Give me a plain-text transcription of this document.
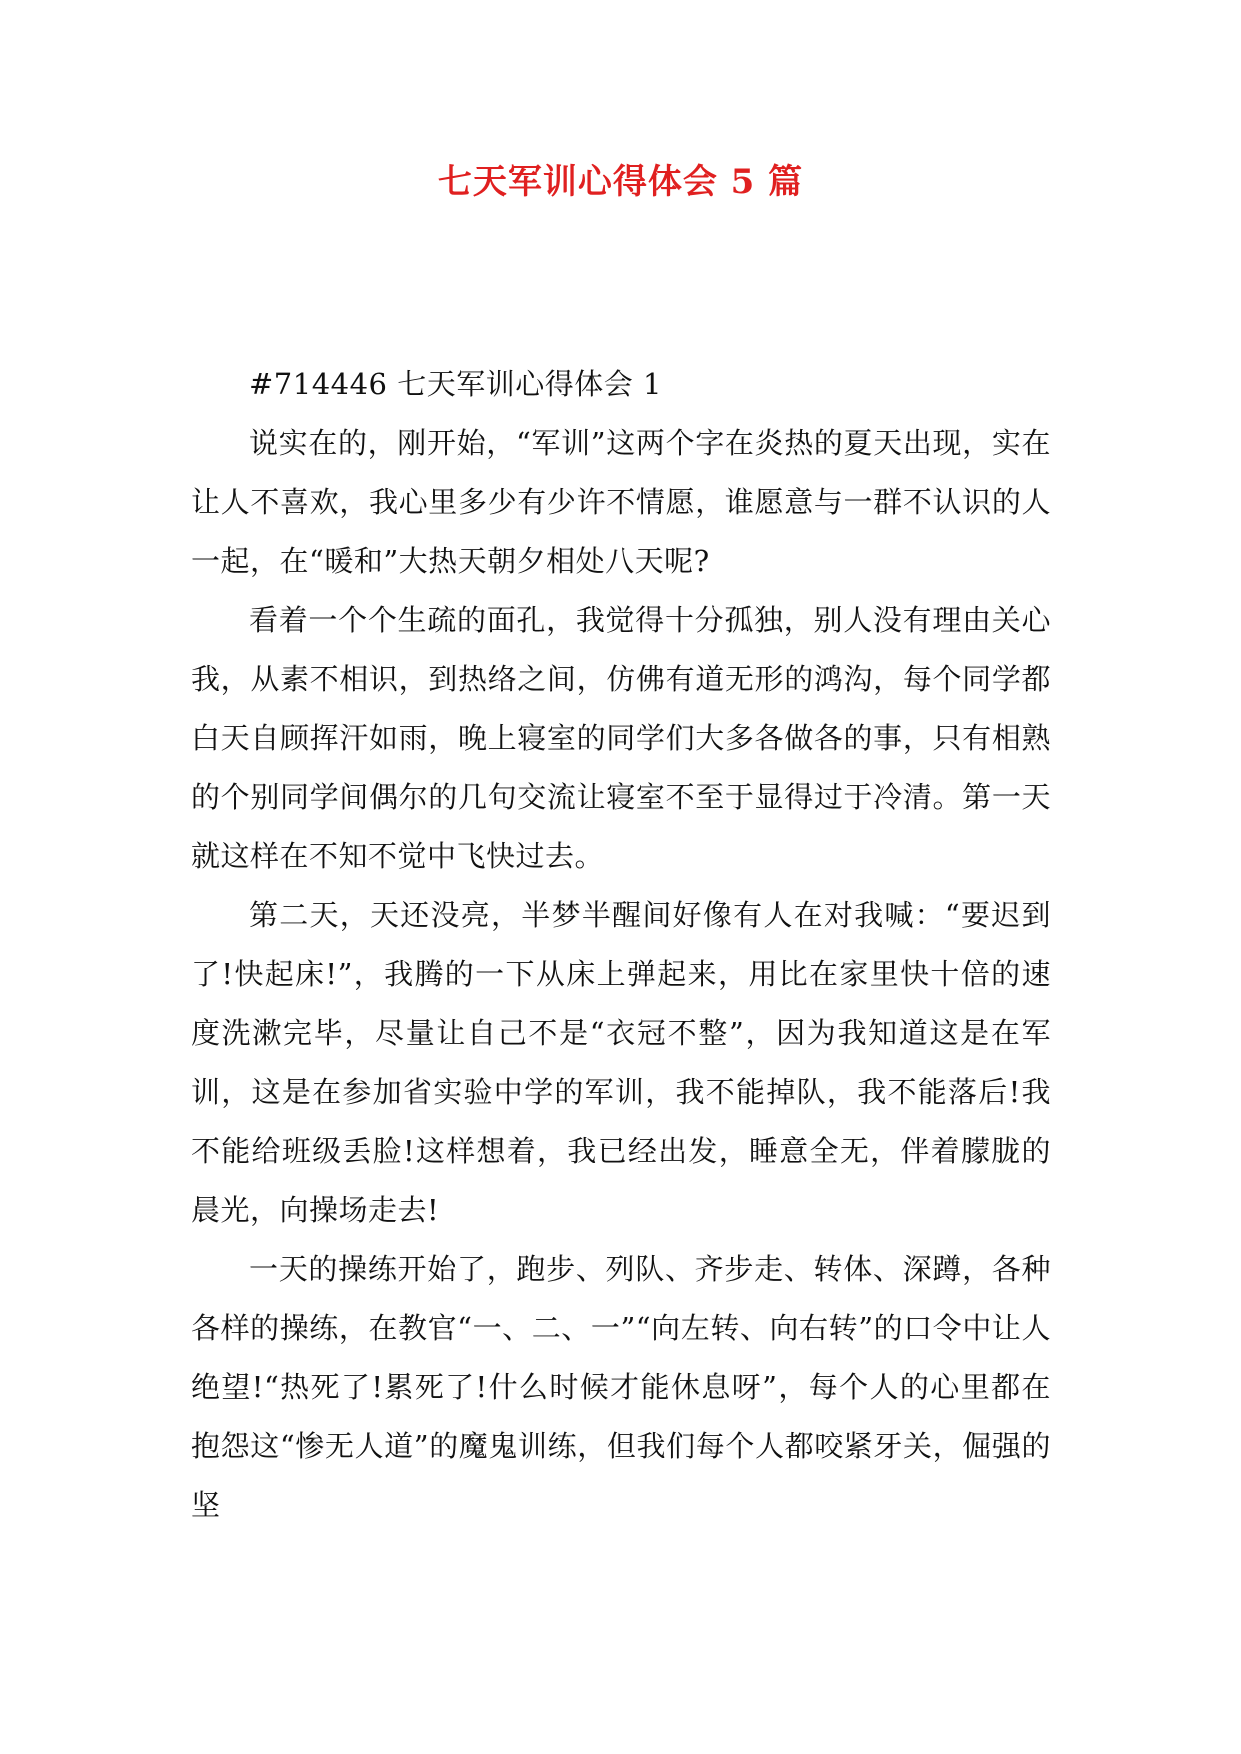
七天军训心得体会 5 篇

#714446 七天军训心得体会 1

说实在的，刚开始，“军训”这两个字在炎热的夏天出现，实在让人不喜欢，我心里多少有少许不情愿，谁愿意与一群不认识的人一起，在“暖和”大热天朝夕相处八天呢?

看着一个个生疏的面孔，我觉得十分孤独，别人没有理由关心我，从素不相识，到热络之间，仿佛有道无形的鸿沟，每个同学都白天自顾挥汗如雨，晚上寝室的同学们大多各做各的事，只有相熟的个别同学间偶尔的几句交流让寝室不至于显得过于冷清。第一天就这样在不知不觉中飞快过去。

第二天，天还没亮，半梦半醒间好像有人在对我喊：“要迟到了!快起床!”，我腾的一下从床上弹起来，用比在家里快十倍的速度洗漱完毕，尽量让自己不是“衣冠不整”，因为我知道这是在军训，这是在参加省实验中学的军训，我不能掉队，我不能落后!我不能给班级丢脸!这样想着，我已经出发，睡意全无，伴着朦胧的晨光，向操场走去!

一天的操练开始了，跑步、列队、齐步走、转体、深蹲，各种各样的操练，在教官“一、二、一”“向左转、向右转”的口令中让人绝望!“热死了!累死了!什么时候才能休息呀”，每个人的心里都在抱怨这“惨无人道”的魔鬼训练，但我们每个人都咬紧牙关，倔强的坚
